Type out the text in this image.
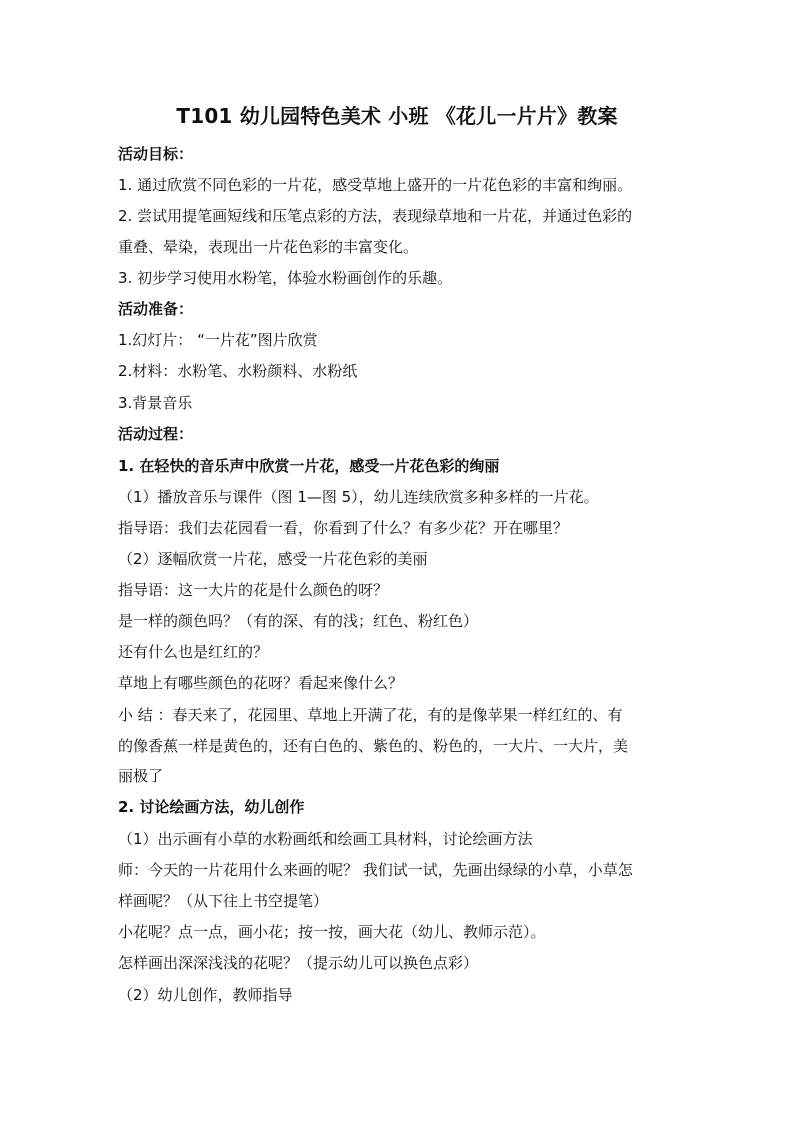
T101 幼儿园特色美术 小班 《花儿一片片》教案
活动目标：
1. 通过欣赏不同色彩的一片花，感受草地上盛开的一片花色彩的丰富和绚丽。
2. 尝试用提笔画短线和压笔点彩的方法，表现绿草地和一片花，并通过色彩的
重叠、晕染，表现出一片花色彩的丰富变化。
3. 初步学习使用水粉笔，体验水粉画创作的乐趣。
活动准备：
1.幻灯片： “一片花”图片欣赏
2.材料：水粉笔、水粉颜料、水粉纸
3.背景音乐
活动过程：
1. 在轻快的音乐声中欣赏一片花，感受一片花色彩的绚丽
（1）播放音乐与课件（图 1—图 5），幼儿连续欣赏多种多样的一片花。
指导语：我们去花园看一看，你看到了什么？有多少花？开在哪里？
（2）逐幅欣赏一片花，感受一片花色彩的美丽
指导语：这一大片的花是什么颜色的呀？
是一样的颜色吗？（有的深、有的浅；红色、粉红色）
还有什么也是红红的？
草地上有哪些颜色的花呀？看起来像什么？
小 结 ：春天来了，花园里、草地上开满了花，有的是像苹果一样红红的、有
的像香蕉一样是黄色的，还有白色的、紫色的、粉色的，一大片、一大片，美
丽极了
2. 讨论绘画方法，幼儿创作
（1）出示画有小草的水粉画纸和绘画工具材料，讨论绘画方法
师：今天的一片花用什么来画的呢？ 我们试一试，先画出绿绿的小草，小草怎
样画呢？（从下往上书空提笔）
小花呢？点一点，画小花；按一按，画大花（幼儿、教师示范）。
怎样画出深深浅浅的花呢？（提示幼儿可以换色点彩）
（2）幼儿创作，教师指导
